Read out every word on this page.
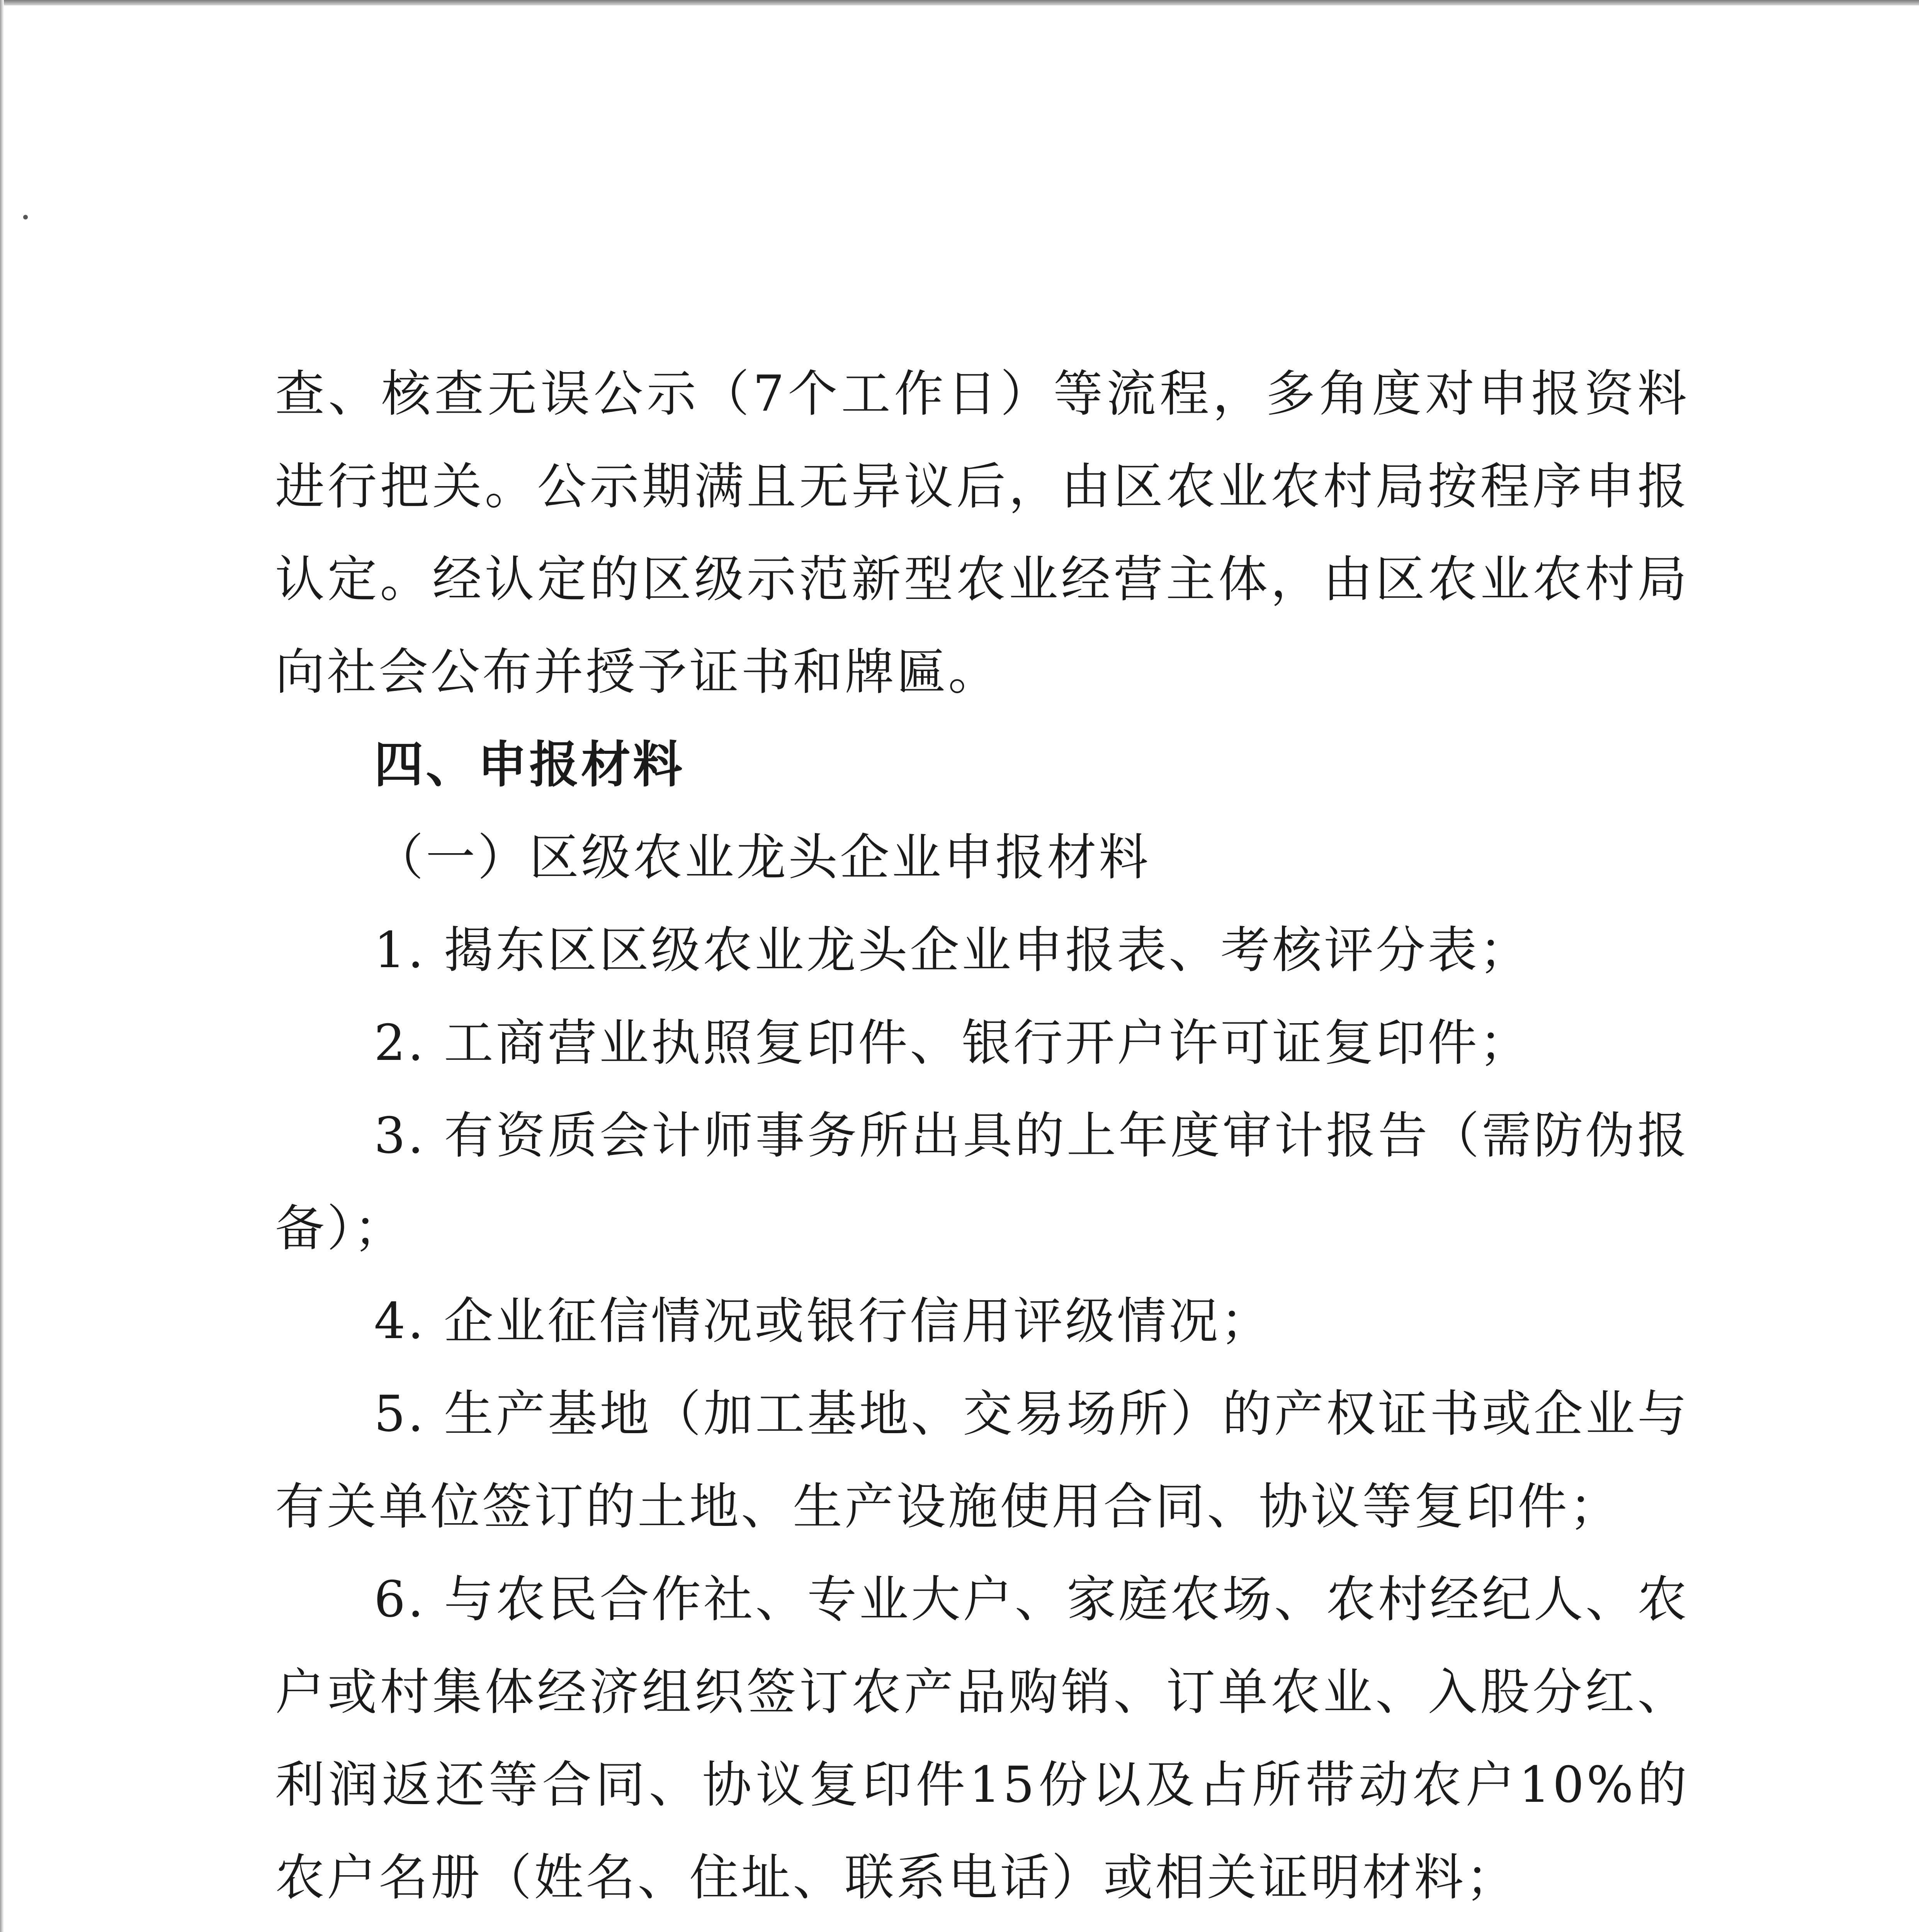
查、核查无误公示（7个工作日）等流程，多角度对申报资料进行把关。公示期满且无异议后，由区农业农村局按程序申报认定。经认定的区级示范新型农业经营主体，由区农业农村局向社会公布并授予证书和牌匾。

四、申报材料

（一）区级农业龙头企业申报材料

1. 揭东区区级农业龙头企业申报表、考核评分表；

2. 工商营业执照复印件、银行开户许可证复印件；

3. 有资质会计师事务所出具的上年度审计报告（需防伪报备）；

4. 企业征信情况或银行信用评级情况；

5. 生产基地（加工基地、交易场所）的产权证书或企业与有关单位签订的土地、生产设施使用合同、协议等复印件；

6. 与农民合作社、专业大户、家庭农场、农村经纪人、农户或村集体经济组织签订农产品购销、订单农业、入股分红、利润返还等合同、协议复印件15份以及占所带动农户10%的农户名册（姓名、住址、联系电话）或相关证明材料；
